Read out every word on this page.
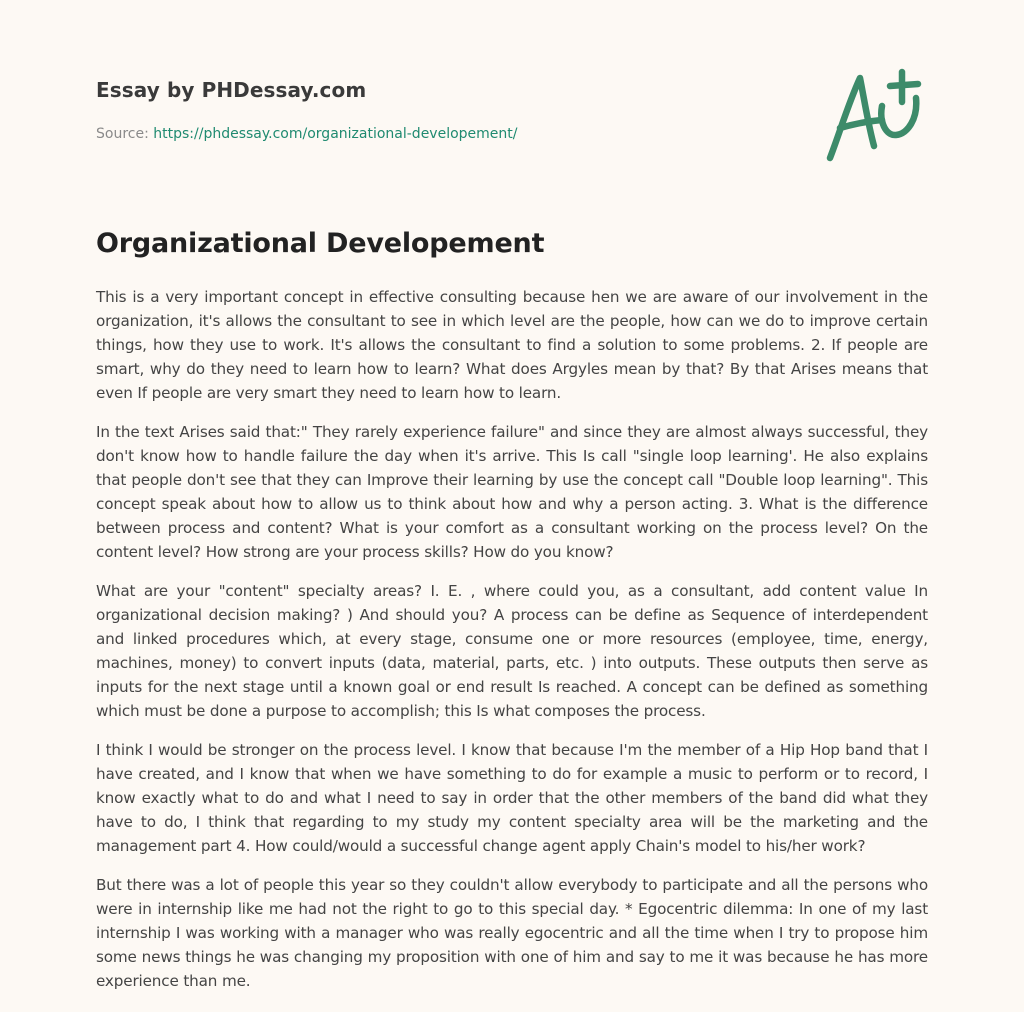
Essay by PHDessay.com

Source: https://phdessay.com/organizational-developement/
Organizational Developement

This is a very important concept in effective consulting because hen we are aware of our involvement in the organization, it's allows the consultant to see in which level are the people, how can we do to improve certain things, how they use to work. It's allows the consultant to find a solution to some problems. 2. If people are smart, why do they need to learn how to learn? What does Argyles mean by that? By that Arises means that even If people are very smart they need to learn how to learn.

In the text Arises said that:" They rarely experience failure" and since they are almost always successful, they don't know how to handle failure the day when it's arrive. This Is call "single loop learning'. He also explains that people don't see that they can Improve their learning by use the concept call "Double loop learning". This concept speak about how to allow us to think about how and why a person acting. 3. What is the difference between process and content? What is your comfort as a consultant working on the process level? On the content level? How strong are your process skills? How do you know?

What are your "content" specialty areas? I. E. , where could you, as a consultant, add content value In organizational decision making? ) And should you? A process can be define as Sequence of interdependent and linked procedures which, at every stage, consume one or more resources (employee, time, energy, machines, money) to convert inputs (data, material, parts, etc. ) into outputs. These outputs then serve as inputs for the next stage until a known goal or end result Is reached. A concept can be defined as something which must be done a purpose to accomplish; this Is what composes the process.

I think I would be stronger on the process level. I know that because I'm the member of a Hip Hop band that I have created, and I know that when we have something to do for example a music to perform or to record, I know exactly what to do and what I need to say in order that the other members of the band did what they have to do, I think that regarding to my study my content specialty area will be the marketing and the management part 4. How could/would a successful change agent apply Chain's model to his/her work?

But there was a lot of people this year so they couldn't allow everybody to participate and all the persons who were in internship like me had not the right to go to this special day. * Egocentric dilemma: In one of my last internship I was working with a manager who was really egocentric and all the time when I try to propose him some news things he was changing my proposition with one of him and say to me it was because he has more experience than me.
